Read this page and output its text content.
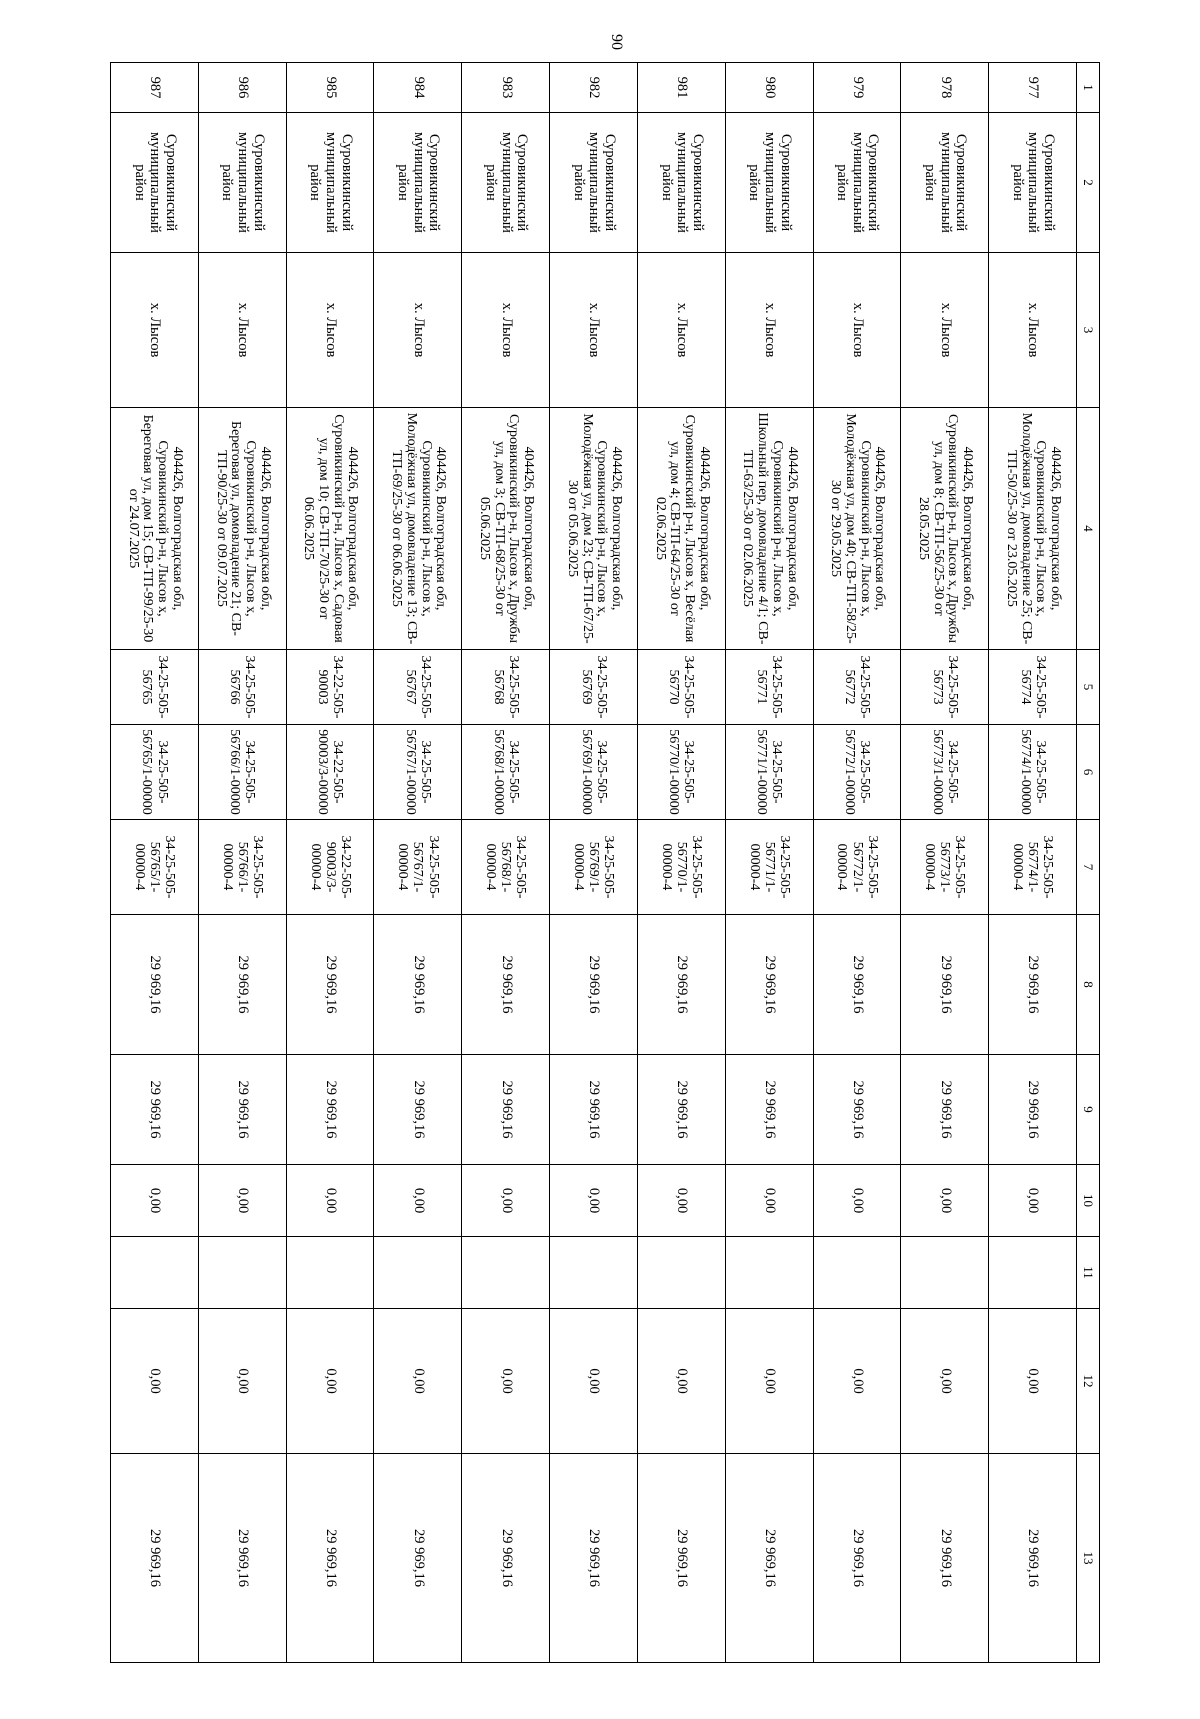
90
1	2	3	4	5	6	7	8	9	10	11	12	13
977	Суровикинский муниципальный район	х. Лысов	404426, Волгоградская обл, Суровикинский р-н, Лысов х, Молодёжная ул, домовладение 25; СВ-ТП-50/25-30 от 23.05.2025	34-25-505-56774	34-25-505-56774/1-00000	34-25-505-56774/1-00000-4	29 969,16	29 969,16	0,00		0,00	29 969,16
978	Суровикинский муниципальный район	х. Лысов	404426, Волгоградская обл, Суровикинский р-н, Лысов х, Дружбы ул, дом 8; СВ-ТП-56/25-30 от 28.05.2025	34-25-505-56773	34-25-505-56773/1-00000	34-25-505-56773/1-00000-4	29 969,16	29 969,16	0,00		0,00	29 969,16
979	Суровикинский муниципальный район	х. Лысов	404426, Волгоградская обл, Суровикинский р-н, Лысов х, Молодёжная ул, дом 40; СВ-ТП-58/25-30 от 29.05.2025	34-25-505-56772	34-25-505-56772/1-00000	34-25-505-56772/1-00000-4	29 969,16	29 969,16	0,00		0,00	29 969,16
980	Суровикинский муниципальный район	х. Лысов	404426, Волгоградская обл, Суровикинский р-н, Лысов х, Школьный пер, домовладение 4/1; СВ-ТП-63/25-30 от 02.06.2025	34-25-505-56771	34-25-505-56771/1-00000	34-25-505-56771/1-00000-4	29 969,16	29 969,16	0,00		0,00	29 969,16
981	Суровикинский муниципальный район	х. Лысов	404426, Волгоградская обл, Суровикинский р-н, Лысов х, Весёлая ул, дом 4; СВ-ТП-64/25-30 от 02.06.2025	34-25-505-56770	34-25-505-56770/1-00000	34-25-505-56770/1-00000-4	29 969,16	29 969,16	0,00		0,00	29 969,16
982	Суровикинский муниципальный район	х. Лысов	404426, Волгоградская обл, Суровикинский р-н, Лысов х, Молодёжная ул, дом 23; СВ-ТП-67/25-30 от 05.06.2025	34-25-505-56769	34-25-505-56769/1-00000	34-25-505-56769/1-00000-4	29 969,16	29 969,16	0,00		0,00	29 969,16
983	Суровикинский муниципальный район	х. Лысов	404426, Волгоградская обл, Суровикинский р-н, Лысов х, Дружбы ул, дом 3; СВ-ТП-68/25-30 от 05.06.2025	34-25-505-56768	34-25-505-56768/1-00000	34-25-505-56768/1-00000-4	29 969,16	29 969,16	0,00		0,00	29 969,16
984	Суровикинский муниципальный район	х. Лысов	404426, Волгоградская обл, Суровикинский р-н, Лысов х, Молодёжная ул, домовладение 13; СВ-ТП-69/25-30 от 06.06.2025	34-25-505-56767	34-25-505-56767/1-00000	34-25-505-56767/1-00000-4	29 969,16	29 969,16	0,00		0,00	29 969,16
985	Суровикинский муниципальный район	х. Лысов	404426, Волгоградская обл, Суровикинский р-н, Лысов х, Садовая ул, дом 10; СВ-ТП-70/25-30 от 06.06.2025	34-22-505-90003	34-22-505-90003/3-00000	34-22-505-90003/3-00000-4	29 969,16	29 969,16	0,00		0,00	29 969,16
986	Суровикинский муниципальный район	х. Лысов	404426, Волгоградская обл, Суровикинский р-н, Лысов х, Береговая ул, домовладение 21; СВ-ТП-90/25-30 от 09.07.2025	34-25-505-56766	34-25-505-56766/1-00000	34-25-505-56766/1-00000-4	29 969,16	29 969,16	0,00		0,00	29 969,16
987	Суровикинский муниципальный район	х. Лысов	404426, Волгоградская обл, Суровикинский р-н, Лысов х, Береговая ул, дом 15; СВ-ТП-99/25-30 от 24.07.2025	34-25-505-56765	34-25-505-56765/1-00000	34-25-505-56765/1-00000-4	29 969,16	29 969,16	0,00		0,00	29 969,16
